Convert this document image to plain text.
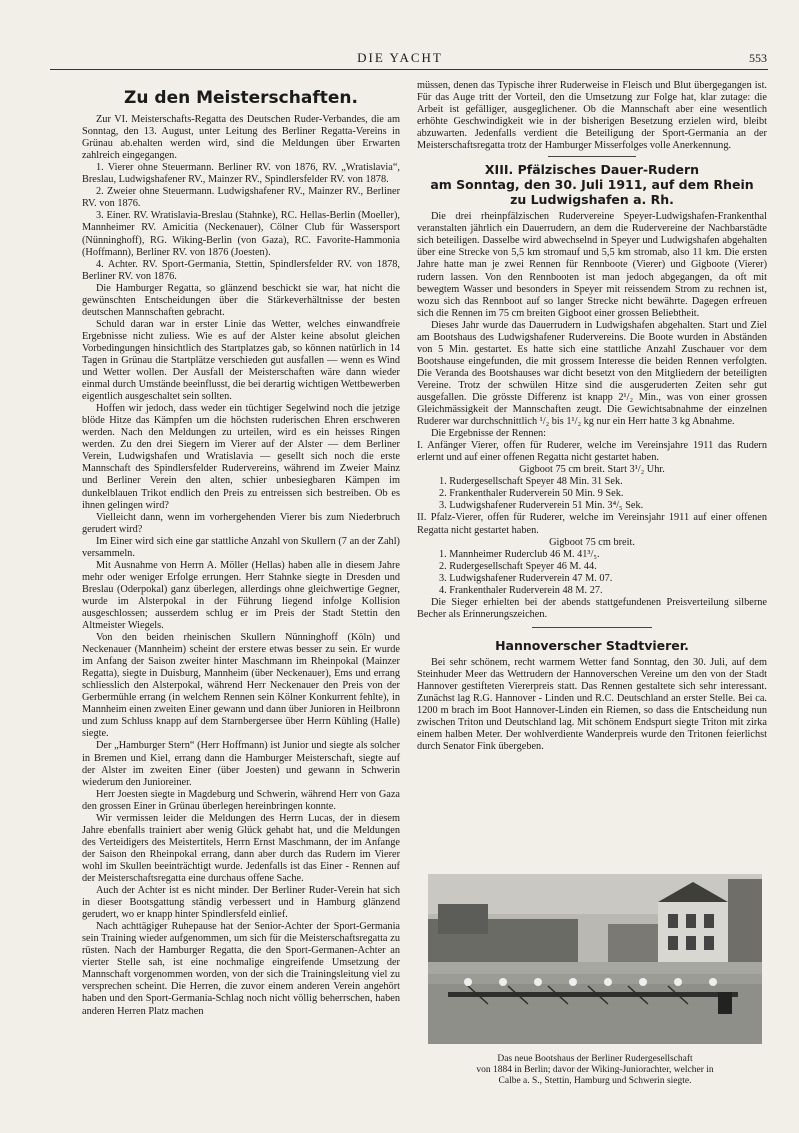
DIE YACHT	553
Zu den Meisterschaften.

Zur VI. Meisterschafts-Regatta des Deutschen Ruder-Verbandes, die am Sonntag, den 13. August, unter Leitung des Berliner Regatta-Vereins in Grünau ab.ehalten werden wird, sind die Meldungen über Erwarten zahlreich eingegangen.

1. Vierer ohne Steuermann. Berliner RV. von 1876, RV. „Wratislavia“, Breslau, Ludwigshafener RV., Mainzer RV., Spindlersfelder RV. von 1878.

2. Zweier ohne Steuermann. Ludwigshafener RV., Mainzer RV., Berliner RV. von 1876.

3. Einer. RV. Wratislavia-Breslau (Stahnke), RC. Hellas-Berlin (Moeller), Mannheimer RV. Amicitia (Neckenauer), Cölner Club für Wassersport (Nünninghoff), RG. Wiking-Berlin (von Gaza), RC. Favorite-Hammonia (Hoffmann), Berliner RV. von 1876 (Joesten).

4. Achter. RV. Sport-Germania, Stettin, Spindlersfelder RV. von 1878, Berliner RV. von 1876.

Die Hamburger Regatta, so glänzend beschickt sie war, hat nicht die gewünschten Entscheidungen über die Stärkeverhältnisse der besten deutschen Mannschaften gebracht.

Schuld daran war in erster Linie das Wetter, welches einwandfreie Ergebnisse nicht zuliess. Wie es auf der Alster keine absolut gleichen Vorbedingungen hinsichtlich des Startplatzes gab, so können natürlich in 14 Tagen in Grünau die Startplätze verschieden gut ausfallen — wenn es Wind und Wetter wollen. Der Ausfall der Meisterschaften wäre dann wieder einmal durch Umstände beeinflusst, die bei derartig wichtigen Wettbewerben eigentlich ausgeschaltet sein sollten.

Hoffen wir jedoch, dass weder ein tüchtiger Segelwind noch die jetzige blöde Hitze das Kämpfen um die höchsten ruderischen Ehren erschweren werden. Nach den Meldungen zu urteilen, wird es ein heisses Ringen werden. Zu den drei Siegern im Vierer auf der Alster — dem Berliner Verein, Ludwigshafen und Wratislavia — gesellt sich noch die erste Mannschaft des Spindlersfelder Rudervereins, während im Zweier Mainz und Berliner Verein den alten, schier unbesiegbaren Kämpen im dunkelblauen Trikot endlich den Preis zu entreissen sich bestreiben. Ob es ihnen gelingen wird?

Vielleicht dann, wenn im vorhergehenden Vierer bis zum Niederbruch gerudert wird?

Im Einer wird sich eine gar stattliche Anzahl von Skullern (7 an der Zahl) versammeln.

Mit Ausnahme von Herrn A. Möller (Hellas) haben alle in diesem Jahre mehr oder weniger Erfolge errungen. Herr Stahnke siegte in Dresden und Breslau (Oderpokal) ganz überlegen, allerdings ohne gleichwertige Gegner, wurde im Alsterpokal in der Führung liegend infolge Kollision ausgeschlossen; ausserdem schlug er im Preis der Stadt Stettin den Altmeister Wiegels.

Von den beiden rheinischen Skullern Nünninghoff (Köln) und Neckenauer (Mannheim) scheint der erstere etwas besser zu sein. Er wurde im Anfang der Saison zweiter hinter Maschmann im Rheinpokal (Mainzer Regatta), siegte in Duisburg, Mannheim (über Neckenauer), Ems und errang schliesslich den Alsterpokal, während Herr Neckenauer den Preis von der Gerbermühle errang (in welchem Rennen sein Kölner Konkurrent fehlte), in Mannheim einen zweiten Einer gewann und dann über Junioren in Heilbronn und zum Schluss knapp auf dem Starnbergersee über Herrn Kühling (Halle) siegte.

Der „Hamburger Stern“ (Herr Hoffmann) ist Junior und siegte als solcher in Bremen und Kiel, errang dann die Hamburger Meisterschaft, siegte auf der Alster im zweiten Einer (über Joesten) und gewann in Schwerin wiederum den Junioreiner.

Herr Joesten siegte in Magdeburg und Schwerin, während Herr von Gaza den grossen Einer in Grünau überlegen hereinbringen konnte.

Wir vermissen leider die Meldungen des Herrn Lucas, der in diesem Jahre ebenfalls trainiert aber wenig Glück gehabt hat, und die Meldungen des Verteidigers des Meistertitels, Herrn Ernst Maschmann, der im Anfange der Saison den Rheinpokal errang, dann aber durch das Rudern im Vierer wohl im Skullen beeinträchtigt wurde. Jedenfalls ist das Einer - Rennen auf der Meisterschaftsregatta eine durchaus offene Sache.

Auch der Achter ist es nicht minder. Der Berliner Ruder-Verein hat sich in dieser Bootsgattung ständig verbessert und in Hamburg glänzend gerudert, wo er knapp hinter Spindlersfeld einlief.

Nach achttägiger Ruhepause hat der Senior-Achter der Sport-Germania sein Training wieder aufgenommen, um sich für die Meisterschaftsregatta zu rüsten. Nach der Hamburger Regatta, die den Sport-Germanen-Achter an vierter Stelle sah, ist eine nochmalige eingreifende Umsetzung der Mannschaft vorgenommen worden, von der sich die Trainingsleitung viel zu versprechen scheint. Die Herren, die zuvor einem anderen Verein angehört haben und den Sport-Germania-Schlag noch nicht völlig beherrschen, haben anderen Herren Platz machen

müssen, denen das Typische ihrer Ruderweise in Fleisch und Blut übergegangen ist. Für das Auge tritt der Vorteil, den die Umsetzung zur Folge hat, klar zutage: die Arbeit ist gefälliger, ausgeglichener. Ob die Mannschaft aber eine wesentlich erhöhte Geschwindigkeit wie in der bisherigen Besetzung erzielen wird, bleibt abzuwarten. Jedenfalls verdient die Beteiligung der Sport-Germania an der Meisterschaftsregatta trotz der Hamburger Misserfolges volle Anerkennung.

XIII. Pfälzisches Dauer-Rudern
am Sonntag, den 30. Juli 1911, auf dem Rhein
zu Ludwigshafen a. Rh.

Die drei rheinpfälzischen Rudervereine Speyer-Ludwigshafen-Frankenthal veranstalten jährlich ein Dauerrudern, an dem die Rudervereine der Nachbarstädte sich beteiligen. Dasselbe wird abwechselnd in Speyer und Ludwigshafen abgehalten über eine Strecke von 5,5 km stromauf und 5,5 km stromab, also 11 km. Die ersten Jahre hatte man je zwei Rennen für Rennboote (Vierer) und Gigboote (Vierer) rudern lassen. Von den Rennbooten ist man jedoch abgegangen, da oft mit bewegtem Wasser und besonders in Speyer mit reissendem Strom zu rechnen ist, wozu sich das Rennboot auf so langer Strecke nicht bewährte. Dagegen erfreuen sich die Rennen im 75 cm breiten Gigboot einer grossen Beliebtheit.

Dieses Jahr wurde das Dauerrudern in Ludwigshafen abgehalten. Start und Ziel am Bootshaus des Ludwigshafener Rudervereins. Die Boote wurden in Abständen von 5 Min. gestartet. Es hatte sich eine stattliche Anzahl Zuschauer vor dem Bootshause eingefunden, die mit grossem Interesse die beiden Rennen verfolgten. Die Veranda des Bootshauses war dicht besetzt von den Mitgliedern der beteiligten Vereine. Trotz der schwülen Hitze sind die ausgeruderten Zeiten sehr gut ausgefallen. Die grösste Differenz ist knapp 2¹/₂ Min., was von einer grossen Gleichmässigkeit der Mannschaften zeugt. Die Gewichtsabnahme der einzelnen Ruderer war durchschnittlich ¹/₂ bis 1¹/₂ kg nur ein Herr hatte 3 kg Abnahme.

Die Ergebnisse der Rennen:

I. Anfänger Vierer, offen für Ruderer, welche im Vereinsjahre 1911 das Rudern erlernt und auf einer offenen Regatta nicht gestartet haben.

Gigboot 75 cm breit. Start 3¹/₂ Uhr.

1. Rudergesellschaft Speyer 48 Min. 31 Sek.

2. Frankenthaler Ruderverein 50 Min. 9 Sek.

3. Ludwigshafener Ruderverein 51 Min. 3⁴/₅ Sek.

II. Pfalz-Vierer, offen für Ruderer, welche im Vereinsjahr 1911 auf einer offenen Regatta nicht gestartet haben.

Gigboot 75 cm breit.

1. Mannheimer Ruderclub 46 M. 41³/₅.

2. Rudergesellschaft Speyer 46 M. 44.

3. Ludwigshafener Ruderverein 47 M. 07.

4. Frankenthaler Ruderverein 48 M. 27.

Die Sieger erhielten bei der abends stattgefundenen Preisverteilung silberne Becher als Erinnerungszeichen.

Hannoverscher Stadtvierer.

Bei sehr schönem, recht warmem Wetter fand Sonntag, den 30. Juli, auf dem Steinhuder Meer das Wettrudern der Hannoverschen Vereine um den von der Stadt Hannover gestifteten Viererpreis statt. Das Rennen gestaltete sich sehr interessant. Zunächst lag R.G. Hannover - Linden und R.C. Deutschland an erster Stelle. Bei ca. 1200 m brach im Boot Hannover-Linden ein Riemen, so dass die Entscheidung nun zwischen Triton und Deutschland lag. Mit schönem Endspurt siegte Triton mit zirka einem halben Meter. Der wohlverdiente Wanderpreis wurde den Tritonen feierlichst durch Senator Fink übergeben.

Das neue Bootshaus der Berliner Rudergesellschaft
von 1884 in Berlin; davor der Wiking-Juniorachter, welcher in
Calbe a. S., Stettin, Hamburg und Schwerin siegte.
